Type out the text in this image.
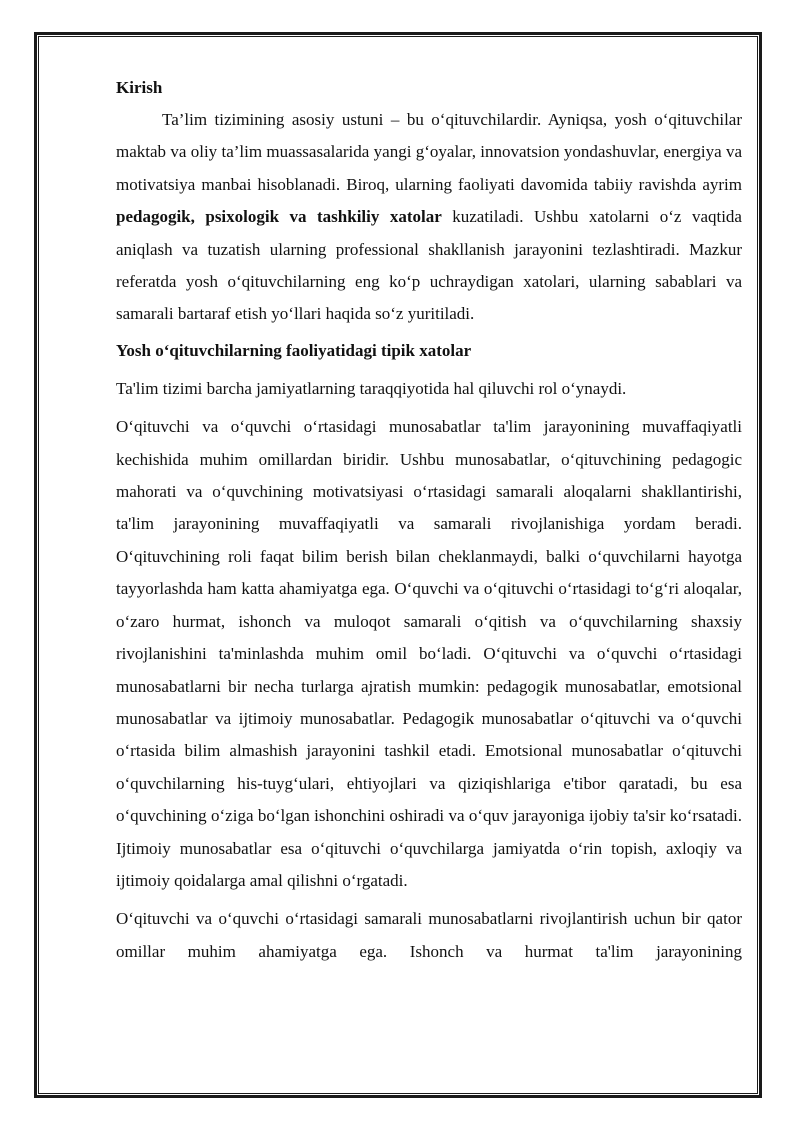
Kirish

Ta’lim tizimining asosiy ustuni – bu o‘qituvchilardir. Ayniqsa, yosh o‘qituvchilar maktab va oliy ta’lim muassasalarida yangi g‘oyalar, innovatsion yondashuvlar, energiya va motivatsiya manbai hisoblanadi. Biroq, ularning faoliyati davomida tabiiy ravishda ayrim pedagogik, psixologik va tashkiliy xatolar kuzatiladi. Ushbu xatolarni o‘z vaqtida aniqlash va tuzatish ularning professional shakllanish jarayonini tezlashtiradi. Mazkur referatda yosh o‘qituvchilarning eng ko‘p uchraydigan xatolari, ularning sabablari va samarali bartaraf etish yo‘llari haqida so‘z yuritiladi.

Yosh o‘qituvchilarning faoliyatidagi tipik xatolar

Ta'lim tizimi barcha jamiyatlarning taraqqiyotida hal qiluvchi rol o‘ynaydi.

O‘qituvchi va o‘quvchi o‘rtasidagi munosabatlar ta'lim jarayonining muvaffaqiyatli kechishida muhim omillardan biridir. Ushbu munosabatlar, o‘qituvchining pedagogic mahorati va o‘quvchining motivatsiyasi o‘rtasidagi samarali aloqalarni shakllantirishi, ta'lim jarayonining muvaffaqiyatli va samarali rivojlanishiga yordam beradi. O‘qituvchining roli faqat bilim berish bilan cheklanmaydi, balki o‘quvchilarni hayotga tayyorlashda ham katta ahamiyatga ega. O‘quvchi va o‘qituvchi o‘rtasidagi to‘g‘ri aloqalar, o‘zaro hurmat, ishonch va muloqot samarali o‘qitish va o‘quvchilarning shaxsiy rivojlanishini ta'minlashda muhim omil bo‘ladi. O‘qituvchi va o‘quvchi o‘rtasidagi munosabatlarni bir necha turlarga ajratish mumkin: pedagogik munosabatlar, emotsional munosabatlar va ijtimoiy munosabatlar. Pedagogik munosabatlar o‘qituvchi va o‘quvchi o‘rtasida bilim almashish jarayonini tashkil etadi. Emotsional munosabatlar o‘qituvchi o‘quvchilarning his-tuyg‘ulari, ehtiyojlari va qiziqishlariga e'tibor qaratadi, bu esa o‘quvchining o‘ziga bo‘lgan ishonchini oshiradi va o‘quv jarayoniga ijobiy ta'sir ko‘rsatadi. Ijtimoiy munosabatlar esa o‘qituvchi o‘quvchilarga jamiyatda o‘rin topish, axloqiy va ijtimoiy qoidalarga amal qilishni o‘rgatadi.

O‘qituvchi va o‘quvchi o‘rtasidagi samarali munosabatlarni rivojlantirish uchun bir qator omillar muhim ahamiyatga ega. Ishonch va hurmat ta'lim jarayonining
